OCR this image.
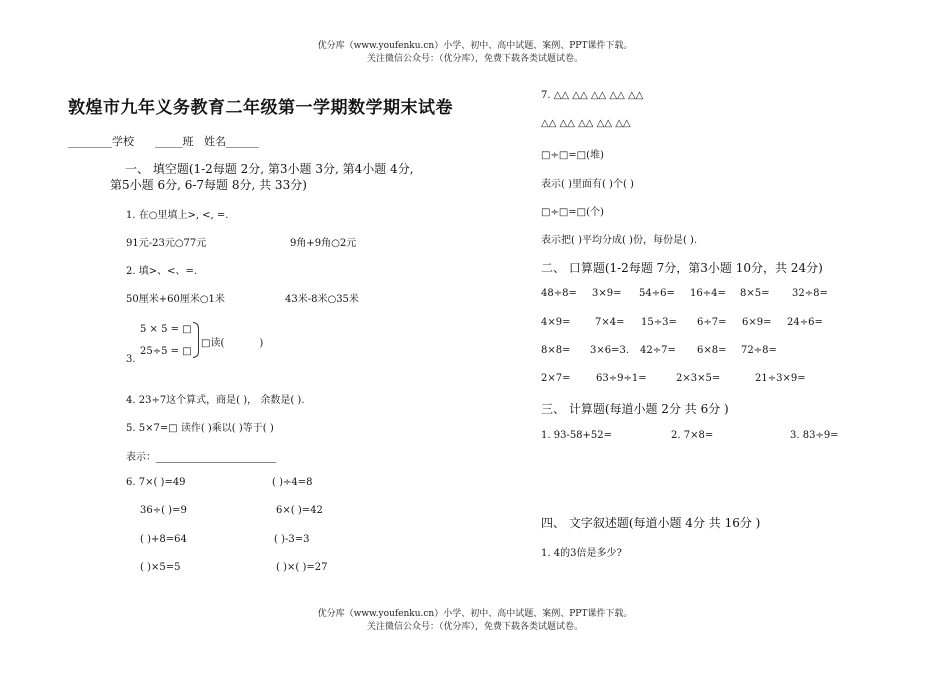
优分库（www.youfenku.cn）小学、初中、高中试题、案例、PPT课件下载。
关注微信公众号：（优分库），免费下载各类试题试卷。
敦煌市九年义务教育二年级第一学期数学期末试卷
________学校 _____班 姓名______
一、 填空题(1-2每题 2分, 第3小题 3分, 第4小题 4分,
第5小题 6分, 6-7每题 8分, 共 33分)
1. 在○里填上>, <, =.
91元-23元○77元	9角+9角○2元
2. 填>、<、=.
50厘米+60厘米○1米	43米-8米○35米
5 × 5 = □
25÷5 = □
□读(	)
3.
4. 23÷7这个算式，商是( )， 余数是( ).
5. 5×7=□ 读作( )乘以( )等于( )
表示：
6. 7×( )=49	( )÷4=8
36÷( )=9	6×( )=42
( )+8=64	( )-3=3
( )×5=5	( )×( )=27
7. △△ △△ △△ △△ △△
△△ △△ △△ △△ △△
□÷□=□(堆)
表示( )里面有( )个( )
□÷□=□(个)
表示把( )平均分成( )份，每份是( ).
二、 口算题(1-2每题 7分，第3小题 10分，共 24分)
48÷8= 3×9= 54÷6= 16÷4= 8×5= 32÷8=
4×9= 7×4= 15÷3= 6÷7= 6×9= 24÷6=
8×8= 3×6=3. 42÷7= 6×8= 72÷8=
2×7=	63÷9÷1=	2×3×5=	21÷3×9=
三、 计算题(每道小题 2分 共 6分 )
1. 93-58+52=	2. 7×8=	3. 83÷9=
四、 文字叙述题(每道小题 4分 共 16分 )
1. 4的3倍是多少?
优分库（www.youfenku.cn）小学、初中、高中试题、案例、PPT课件下载。
关注微信公众号：（优分库），免费下载各类试题试卷。
